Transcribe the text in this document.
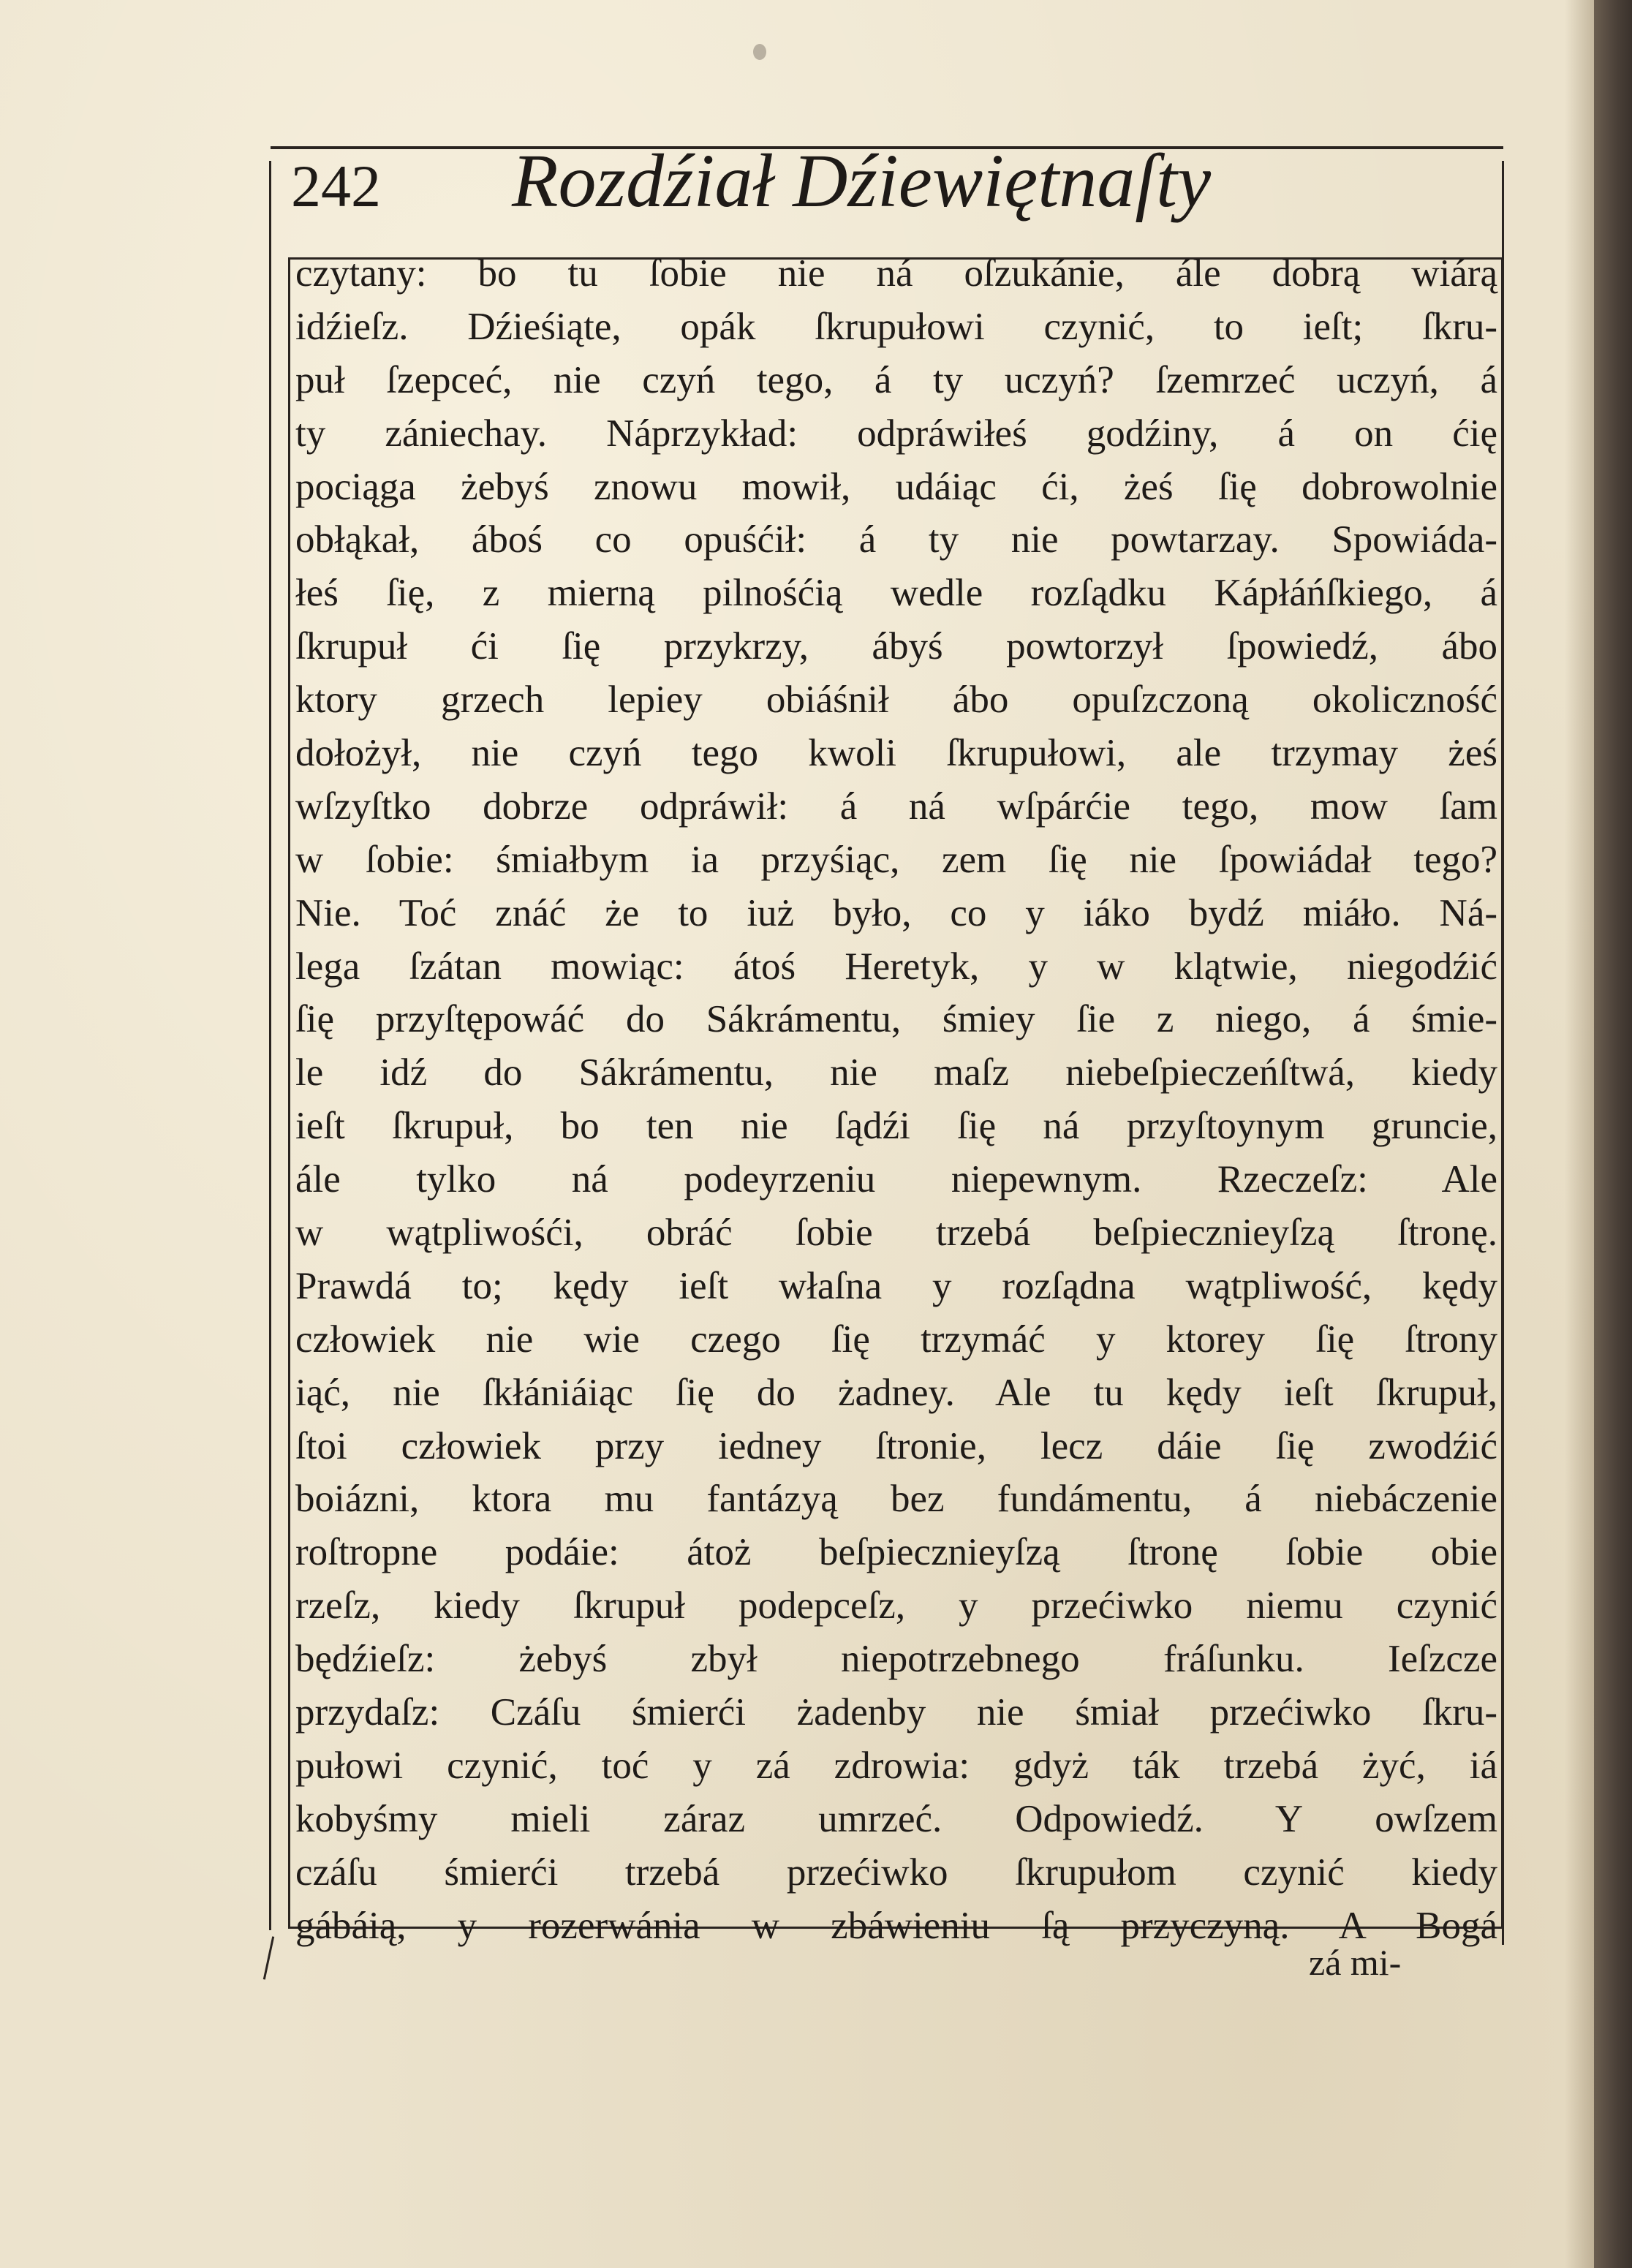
242 Rozdźiał Dźiewiętnaſty
czytany: bo tu ſobie nie ná oſzukánie, ále dobrą wiárą
idźieſz. Dźieśiąte, opák ſkrupułowi czynić, to ieſt; ſkru-
puł ſzepceć, nie czyń tego, á ty uczyń? ſzemrzeć uczyń, á
ty zániechay. Náprzykład: odpráwiłeś godźiny, á on ćię
pociąga żebyś znowu mowił, udáiąc ći, żeś ſię dobrowolnie
obłąkał, áboś co opuśćił: á ty nie powtarzay. Spowiáda-
łeś ſię, z mierną pilnośćią wedle rozſądku Kápłáńſkiego, á
ſkrupuł ći ſię przykrzy, ábyś powtorzył ſpowiedź, ábo
ktory grzech lepiey obiáśnił ábo opuſzczoną okoliczność
dołożył, nie czyń tego kwoli ſkrupułowi, ale trzymay żeś
wſzyſtko dobrze odpráwił: á ná wſpárćie tego, mow ſam
w ſobie: śmiałbym ia przyśiąc, zem ſię nie ſpowiádał tego?
Nie. Toć znáć że to iuż było, co y iáko bydź miáło. Ná-
lega ſzátan mowiąc: átoś Heretyk, y w klątwie, niegodźić
ſię przyſtępowáć do Sákrámentu, śmiey ſie z niego, á śmie-
le idź do Sákrámentu, nie maſz niebeſpieczeńſtwá, kiedy
ieſt ſkrupuł, bo ten nie ſądźi ſię ná przyſtoynym gruncie,
ále tylko ná podeyrzeniu niepewnym. Rzeczeſz: Ale
w wątpliwośći, obráć ſobie trzebá beſpiecznieyſzą ſtronę.
Prawdá to; kędy ieſt właſna y rozſądna wątpliwość, kędy
człowiek nie wie czego ſię trzymáć y ktorey ſię ſtrony
iąć, nie ſkłániáiąc ſię do żadney. Ale tu kędy ieſt ſkrupuł,
ſtoi człowiek przy iedney ſtronie, lecz dáie ſię zwodźić
boiázni, ktora mu fantázyą bez fundámentu, á niebáczenie
roſtropne podáie: átoż beſpiecznieyſzą ſtronę ſobie obie
rzeſz, kiedy ſkrupuł podepceſz, y przećiwko niemu czynić
będźieſz: żebyś zbył niepotrzebnego fráſunku. Ieſzcze
przydaſz: Czáſu śmierći żadenby nie śmiał przećiwko ſkru-
pułowi czynić, toć y zá zdrowia: gdyż ták trzebá żyć, iá
kobyśmy mieli záraz umrzeć. Odpowiedź. Y owſzem
czáſu śmierći trzebá przećiwko ſkrupułom czynić kiedy
gábáią, y rozerwánia w zbáwieniu ſą przyczyną. A Bogá
zá mi-
